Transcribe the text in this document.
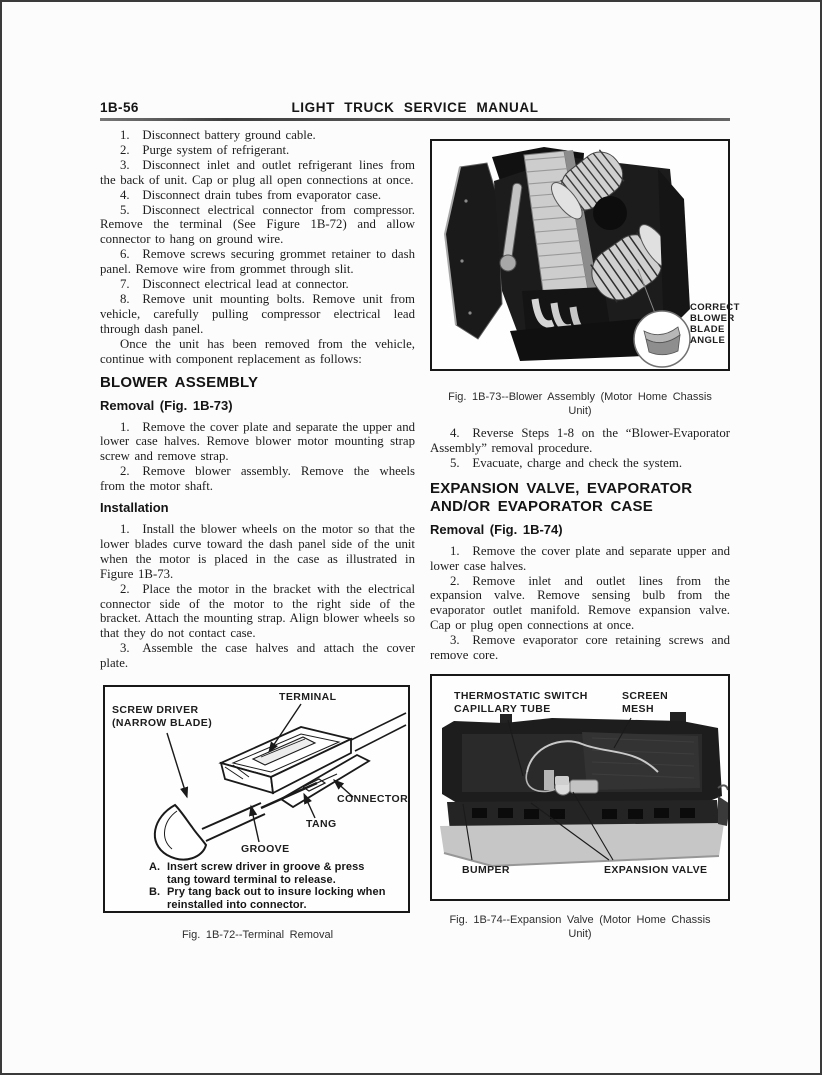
1B-56	LIGHT TRUCK SERVICE MANUAL

1.  Disconnect battery ground cable.

2.  Purge system of refrigerant.

3.  Disconnect inlet and outlet refrigerant lines from the back of unit. Cap or plug all open connections at once.

4.  Disconnect drain tubes from evaporator case.

5.  Disconnect electrical connector from compressor. Remove the terminal (See Figure 1B-72) and allow connector to hang on ground wire.

6.  Remove screws securing grommet retainer to dash panel. Remove wire from grommet through slit.

7.  Disconnect electrical lead at connector.

8.  Remove unit mounting bolts. Remove unit from vehicle, carefully pulling compressor electrical lead through dash panel.

Once the unit has been removed from the vehicle, continue with component replacement as follows:

BLOWER ASSEMBLY
Removal (Fig. 1B-73)

1.  Remove the cover plate and separate the upper and lower case halves. Remove blower motor mounting strap screw and remove strap.

2.  Remove blower assembly. Remove the wheels from the motor shaft.

Installation

1.  Install the blower wheels on the motor so that the lower blades curve toward the dash panel side of the unit when the motor is placed in the case as illustrated in Figure 1B-73.

2.  Place the motor in the bracket with the electrical connector side of the motor to the right side of the bracket. Attach the mounting strap. Align blower wheels so that they do not contact case.

3.  Assemble the case halves and attach the cover plate.

Fig. 1B-73--Blower Assembly (Motor Home Chassis Unit)

4.  Reverse Steps 1-8 on the “Blower-Evaporator Assembly” removal procedure.

5.  Evacuate, charge and check the system.

EXPANSION VALVE, EVAPORATOR AND/OR EVAPORATOR CASE
Removal (Fig. 1B-74)

1.  Remove the cover plate and separate upper and lower case halves.

2.  Remove inlet and outlet lines from the expansion valve. Remove sensing bulb from the evaporator outlet manifold. Remove expansion valve. Cap or plug open connections at once.

3.  Remove evaporator core retaining screws and remove core.

CORRECT
BLOWER
BLADE
ANGLE
TERMINAL
SCREW DRIVER
(NARROW BLADE)
CONNECTOR
TANG
GROOVE
A. Insert screw driver in groove & press tang toward terminal to release.
B. Pry tang back out to insure locking when reinstalled into connector.
Fig. 1B-72--Terminal Removal
THERMOSTATIC SWITCH
CAPILLARY TUBE
SCREEN
MESH
BUMPER	EXPANSION VALVE
Fig. 1B-74--Expansion Valve (Motor Home Chassis Unit)
